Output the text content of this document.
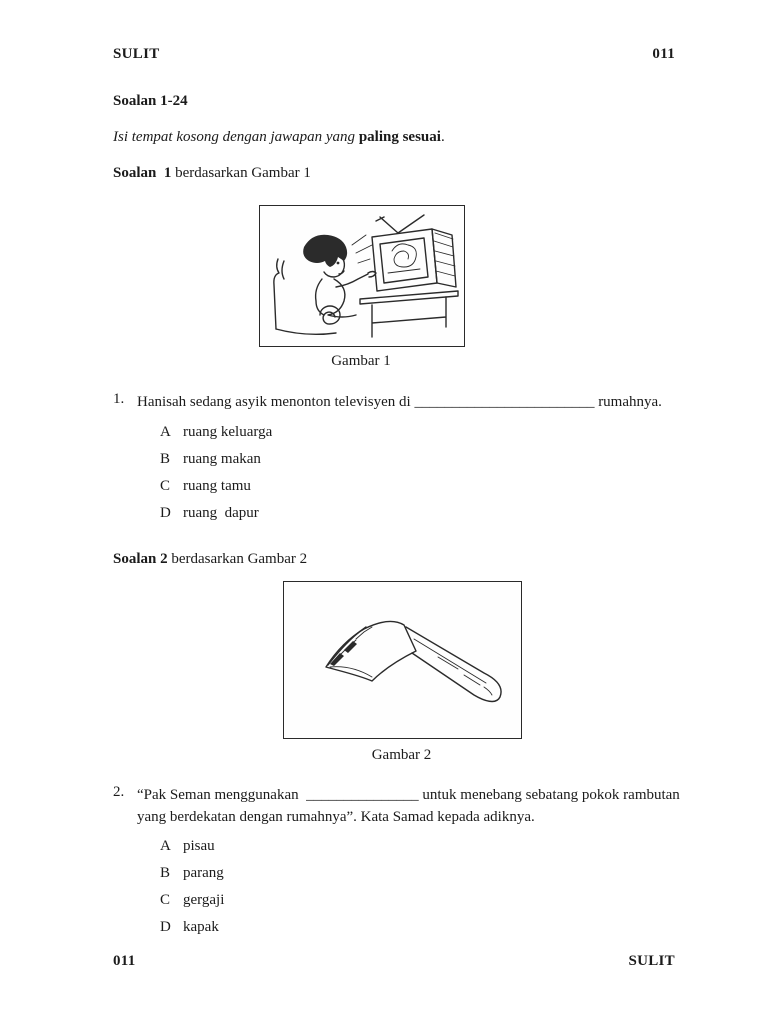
SULIT	011
Soalan 1-24
Isi tempat kosong dengan jawapan yang paling sesuai.
Soalan  1 berdasarkan Gambar 1
Gambar 1
1. Hanisah sedang asyik menonton televisyen di ________________________ rumahnya.
A ruang keluarga
B ruang makan
C ruang tamu
D ruang  dapur
Soalan 2 berdasarkan Gambar 2
Gambar 2
2. “Pak Seman menggunakan  _______________ untuk menebang sebatang pokok rambutan yang berdekatan dengan rumahnya”. Kata Samad kepada adiknya.
A pisau
B parang
C gergaji
D kapak
011	SULIT
